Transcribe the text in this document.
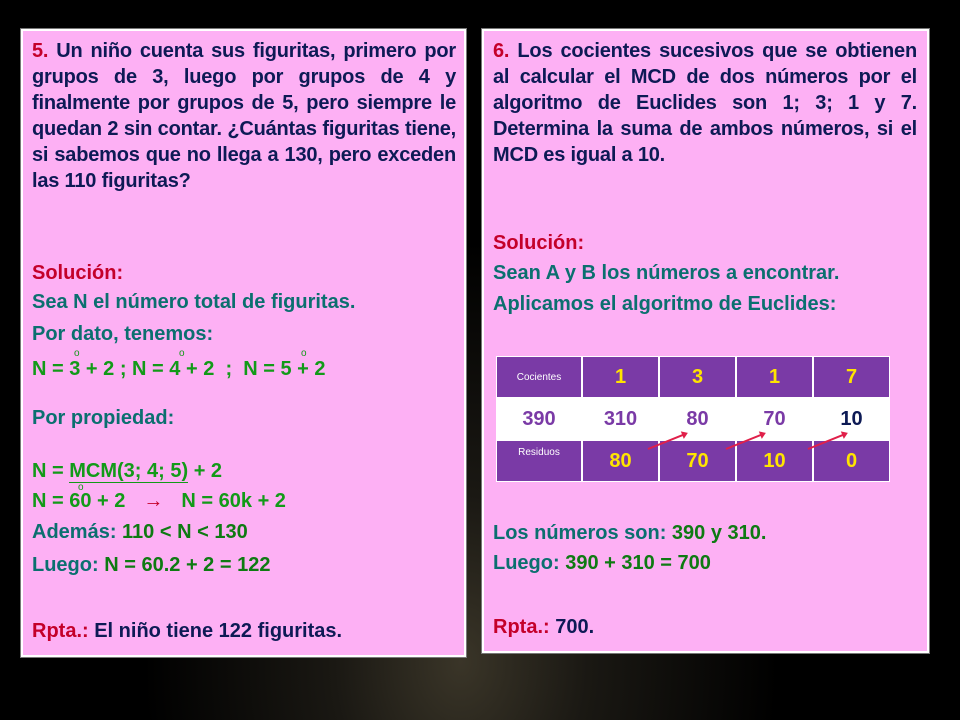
5. Un niño cuenta sus figuritas, primero por grupos de 3, luego por grupos de 4 y finalmente por grupos de 5, pero siempre le quedan 2 sin contar. ¿Cuántas figuritas tiene, si sabemos que no llega a 130, pero exceden las 110 figuritas?
Solución:
Sea N el número total de figuritas.
Por dato, tenemos:
N = 3 + 2 ; N = 4 + 2  ;  N = 5 + 2
o	o	o
Por propiedad:
N = MCM(3; 4; 5) + 2
o
N = 60 + 2 → N = 60k + 2
Además: 110 < N < 130
Luego: N = 60.2 + 2 = 122
Rpta.: El niño tiene 122 figuritas.
6. Los cocientes sucesivos que se obtienen al calcular el MCD de dos números por el algoritmo de Euclides son 1; 3; 1 y 7. Determina la suma de ambos números, si el MCD es igual a 10.
Solución:
Sean A y B los números a encontrar.
Aplicamos el algoritmo de Euclides:
Cocientes	1	3	1	7
390	310	80	70	10
Residuos	80	70	10	0
Los números son: 390 y 310.
Luego: 390 + 310 = 700
Rpta.: 700.
